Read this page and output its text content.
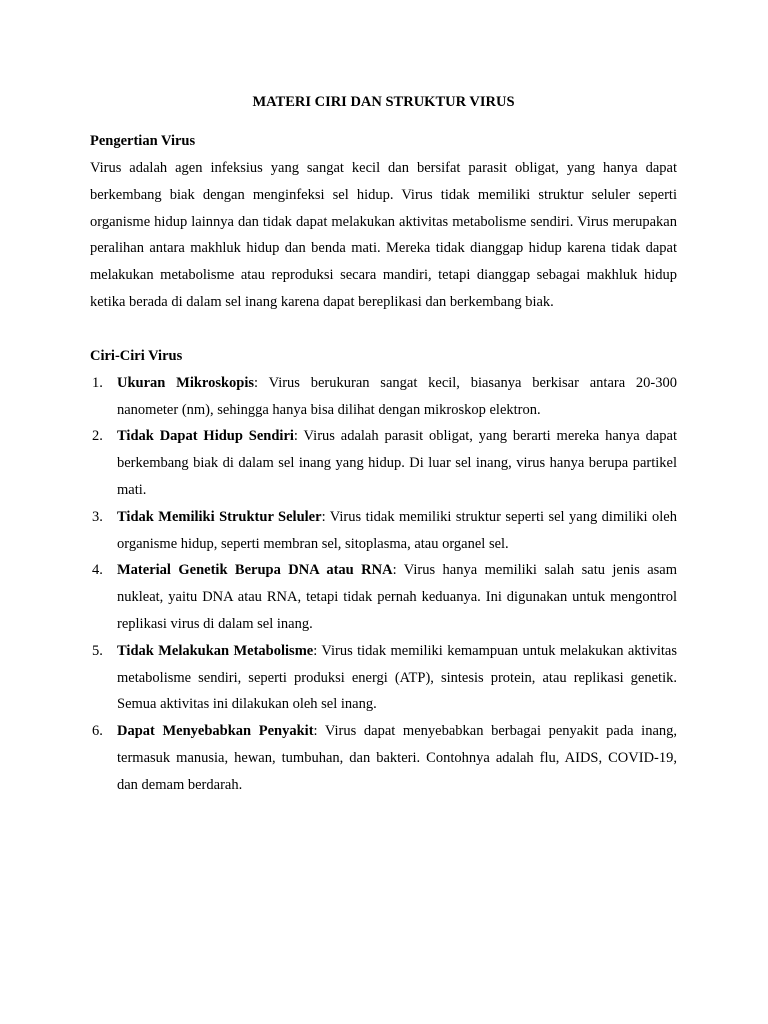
MATERI CIRI DAN STRUKTUR VIRUS

Pengertian Virus

Virus adalah agen infeksius yang sangat kecil dan bersifat parasit obligat, yang hanya dapat berkembang biak dengan menginfeksi sel hidup. Virus tidak memiliki struktur seluler seperti organisme hidup lainnya dan tidak dapat melakukan aktivitas metabolisme sendiri. Virus merupakan peralihan antara makhluk hidup dan benda mati. Mereka tidak dianggap hidup karena tidak dapat melakukan metabolisme atau reproduksi secara mandiri, tetapi dianggap sebagai makhluk hidup ketika berada di dalam sel inang karena dapat bereplikasi dan berkembang biak.

Ciri-Ciri Virus

1. Ukuran Mikroskopis: Virus berukuran sangat kecil, biasanya berkisar antara 20-300 nanometer (nm), sehingga hanya bisa dilihat dengan mikroskop elektron.
2. Tidak Dapat Hidup Sendiri: Virus adalah parasit obligat, yang berarti mereka hanya dapat berkembang biak di dalam sel inang yang hidup. Di luar sel inang, virus hanya berupa partikel mati.
3. Tidak Memiliki Struktur Seluler: Virus tidak memiliki struktur seperti sel yang dimiliki oleh organisme hidup, seperti membran sel, sitoplasma, atau organel sel.
4. Material Genetik Berupa DNA atau RNA: Virus hanya memiliki salah satu jenis asam nukleat, yaitu DNA atau RNA, tetapi tidak pernah keduanya. Ini digunakan untuk mengontrol replikasi virus di dalam sel inang.
5. Tidak Melakukan Metabolisme: Virus tidak memiliki kemampuan untuk melakukan aktivitas metabolisme sendiri, seperti produksi energi (ATP), sintesis protein, atau replikasi genetik. Semua aktivitas ini dilakukan oleh sel inang.
6. Dapat Menyebabkan Penyakit: Virus dapat menyebabkan berbagai penyakit pada inang, termasuk manusia, hewan, tumbuhan, dan bakteri. Contohnya adalah flu, AIDS, COVID-19, dan demam berdarah.
